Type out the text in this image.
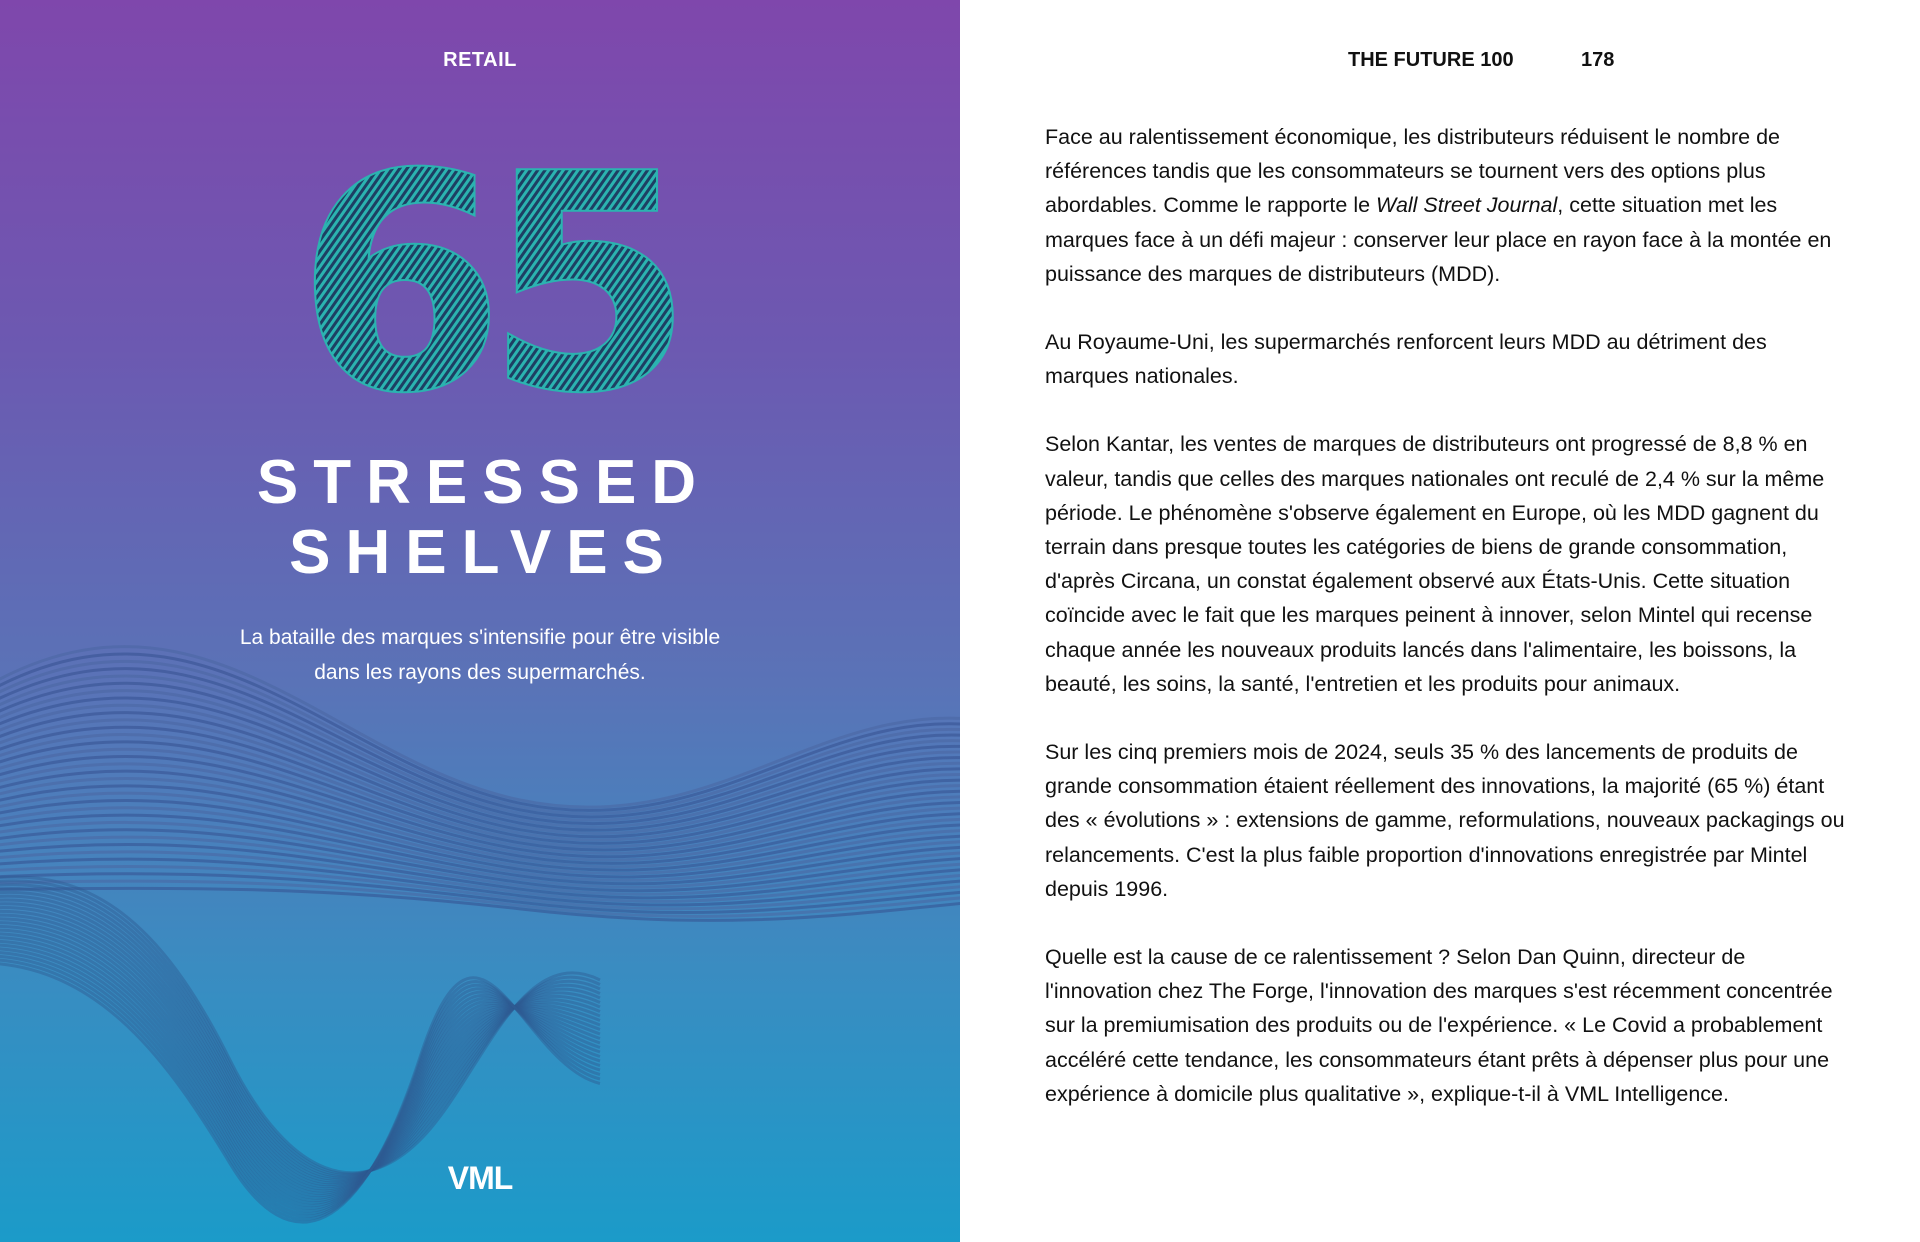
RETAIL
65
STRESSED
SHELVES
La bataille des marques s'intensifie pour être visible
dans les rayons des supermarchés.
VML
THE FUTURE 100	178

Face au ralentissement économique, les distributeurs réduisent le nombre de références tandis que les consommateurs se tournent vers des options plus abordables. Comme le rapporte le Wall Street Journal, cette situation met les marques face à un défi majeur : conserver leur place en rayon face à la montée en puissance des marques de distributeurs (MDD).

Au Royaume-Uni, les supermarchés renforcent leurs MDD au détriment des marques nationales.

Selon Kantar, les ventes de marques de distributeurs ont progressé de 8,8 % en valeur, tandis que celles des marques nationales ont reculé de 2,4 % sur la même période. Le phénomène s'observe également en Europe, où les MDD gagnent du terrain dans presque toutes les catégories de biens de grande consommation, d'après Circana, un constat également observé aux États-Unis. Cette situation coïncide avec le fait que les marques peinent à innover, selon Mintel qui recense chaque année les nouveaux produits lancés dans l'alimentaire, les boissons, la beauté, les soins, la santé, l'entretien et les produits pour animaux.

Sur les cinq premiers mois de 2024, seuls 35 % des lancements de produits de grande consommation étaient réellement des innovations, la majorité (65 %) étant des « évolutions » : extensions de gamme, reformulations, nouveaux packagings ou relancements. C'est la plus faible proportion d'innovations enregistrée par Mintel depuis 1996.

Quelle est la cause de ce ralentissement ? Selon Dan Quinn, directeur de l'innovation chez The Forge, l'innovation des marques s'est récemment concentrée sur la premiumisation des produits ou de l'expérience. « Le Covid a probablement accéléré cette tendance, les consommateurs étant prêts à dépenser plus pour une expérience à domicile plus qualitative », explique-t-il à VML Intelligence.
